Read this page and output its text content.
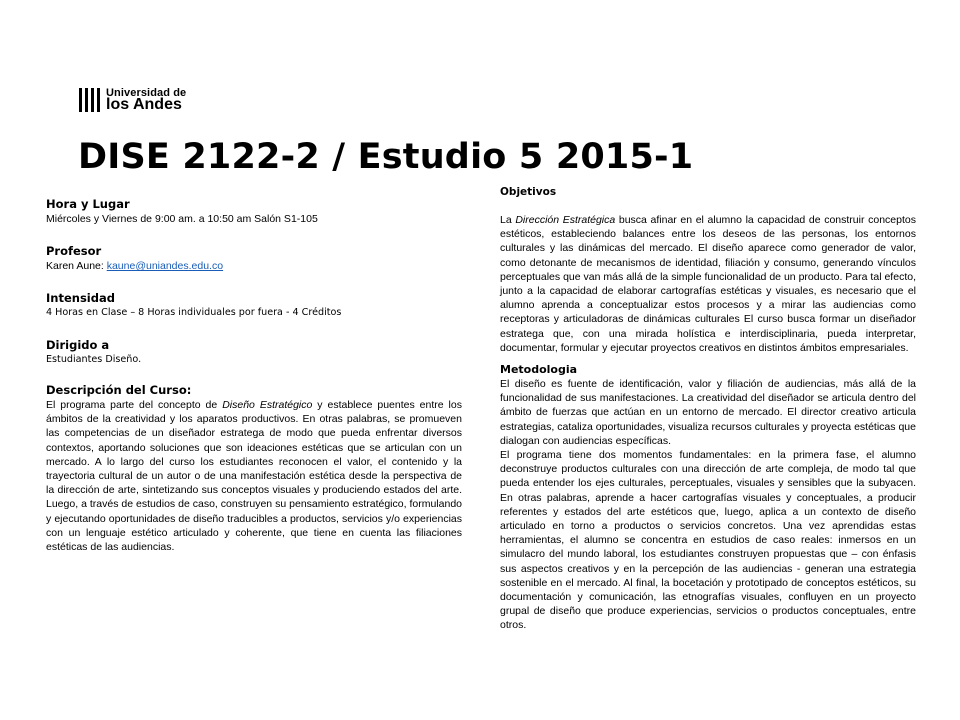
Universidad de
los Andes
DISE 2122-2 / Estudio 5 2015-1
Hora y Lugar
Miércoles y Viernes de 9:00 am. a 10:50 am Salón S1-105
Profesor
Karen Aune: kaune@uniandes.edu.co
Intensidad
4 Horas en Clase – 8 Horas individuales por fuera - 4 Créditos
Dirigido a
Estudiantes Diseño.
Descripción del Curso:
El programa parte del concepto de Diseño Estratégico y establece puentes entre los ámbitos de la creatividad y los aparatos productivos. En otras palabras, se promueven las competencias de un diseñador estratega de modo que pueda enfrentar diversos contextos, aportando soluciones que son ideaciones estéticas que se articulan con un mercado. A lo largo del curso los estudiantes reconocen el valor, el contenido y la trayectoria cultural de un autor o de una manifestación estética desde la perspectiva de la dirección de arte, sintetizando sus conceptos visuales y produciendo estados del arte. Luego, a través de estudios de caso, construyen su pensamiento estratégico, formulando y ejecutando oportunidades de diseño traducibles a productos, servicios y/o experiencias con un lenguaje estético articulado y coherente, que tiene en cuenta las filiaciones estéticas de las audiencias.
Objetivos

La Dirección Estratégica busca afinar en el alumno la capacidad de construir conceptos estéticos, estableciendo balances entre los deseos de las personas, los entornos culturales y las dinámicas del mercado. El diseño aparece como generador de valor, como detonante de mecanismos de identidad, filiación y consumo, generando vínculos perceptuales que van más allá de la simple funcionalidad de un producto. Para tal efecto, junto a la capacidad de elaborar cartografías estéticas y visuales, es necesario que el alumno aprenda a conceptualizar estos procesos y a mirar las audiencias como receptoras y articuladoras de dinámicas culturales El curso busca formar un diseñador estratega que, con una mirada holística e interdisciplinaria, pueda interpretar, documentar, formular y ejecutar proyectos creativos en distintos ámbitos empresariales.

Metodologia

El diseño es fuente de identificación, valor y filiación de audiencias, más allá de la funcionalidad de sus manifestaciones. La creatividad del diseñador se articula dentro del ámbito de fuerzas que actúan en un entorno de mercado. El director creativo articula estrategias, cataliza oportunidades, visualiza recursos culturales y proyecta estéticas que dialogan con audiencias específicas.

El programa tiene dos momentos fundamentales: en la primera fase, el alumno deconstruye productos culturales con una dirección de arte compleja, de modo tal que pueda entender los ejes culturales, perceptuales, visuales y sensibles que la subyacen. En otras palabras, aprende a hacer cartografías visuales y conceptuales, a producir referentes y estados del arte estéticos que, luego, aplica a un contexto de diseño articulado en torno a productos o servicios concretos. Una vez aprendidas estas herramientas, el alumno se concentra en estudios de caso reales: inmersos en un simulacro del mundo laboral, los estudiantes construyen propuestas que – con énfasis sus aspectos creativos y en la percepción de las audiencias - generan una estrategia sostenible en el mercado. Al final, la bocetación y prototipado de conceptos estéticos, su documentación y comunicación, las etnografías visuales, confluyen en un proyecto grupal de diseño que produce experiencias, servicios o productos conceptuales, entre otros.
